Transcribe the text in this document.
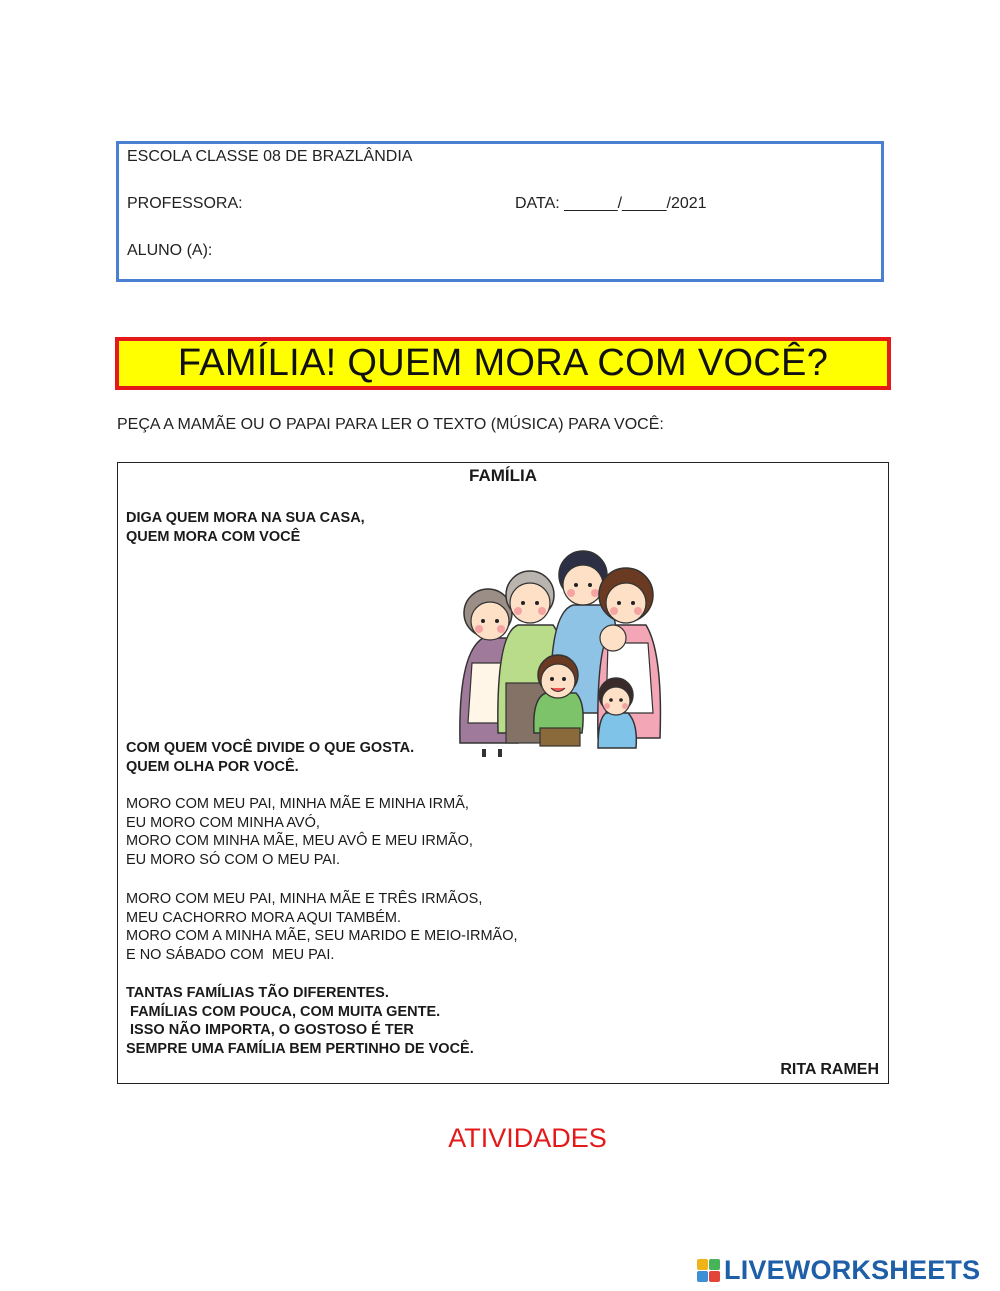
ESCOLA CLASSE 08 DE BRAZLÂNDIA
PROFESSORA:	DATA: ______/_____/2021
ALUNO (A):
FAMÍLIA! QUEM MORA COM VOCÊ?
PEÇA A MAMÃE OU O PAPAI PARA LER O TEXTO (MÚSICA) PARA VOCÊ:
FAMÍLIA
DIGA QUEM MORA NA SUA CASA,
QUEM MORA COM VOCÊ
COM QUEM VOCÊ DIVIDE O QUE GOSTA.
QUEM OLHA POR VOCÊ.
MORO COM MEU PAI, MINHA MÃE E MINHA IRMÃ,
EU MORO COM MINHA AVÓ,
MORO COM MINHA MÃE, MEU AVÔ E MEU IRMÃO,
EU MORO SÓ COM O MEU PAI.
MORO COM MEU PAI, MINHA MÃE E TRÊS IRMÃOS,
MEU CACHORRO MORA AQUI TAMBÉM.
MORO COM A MINHA MÃE, SEU MARIDO E MEIO-IRMÃO,
E NO SÁBADO COM  MEU PAI.
TANTAS FAMÍLIAS TÃO DIFERENTES.
FAMÍLIAS COM POUCA, COM MUITA GENTE.
ISSO NÃO IMPORTA, O GOSTOSO É TER
SEMPRE UMA FAMÍLIA BEM PERTINHO DE VOCÊ.
RITA RAMEH
ATIVIDADES
LIVEWORKSHEETS
